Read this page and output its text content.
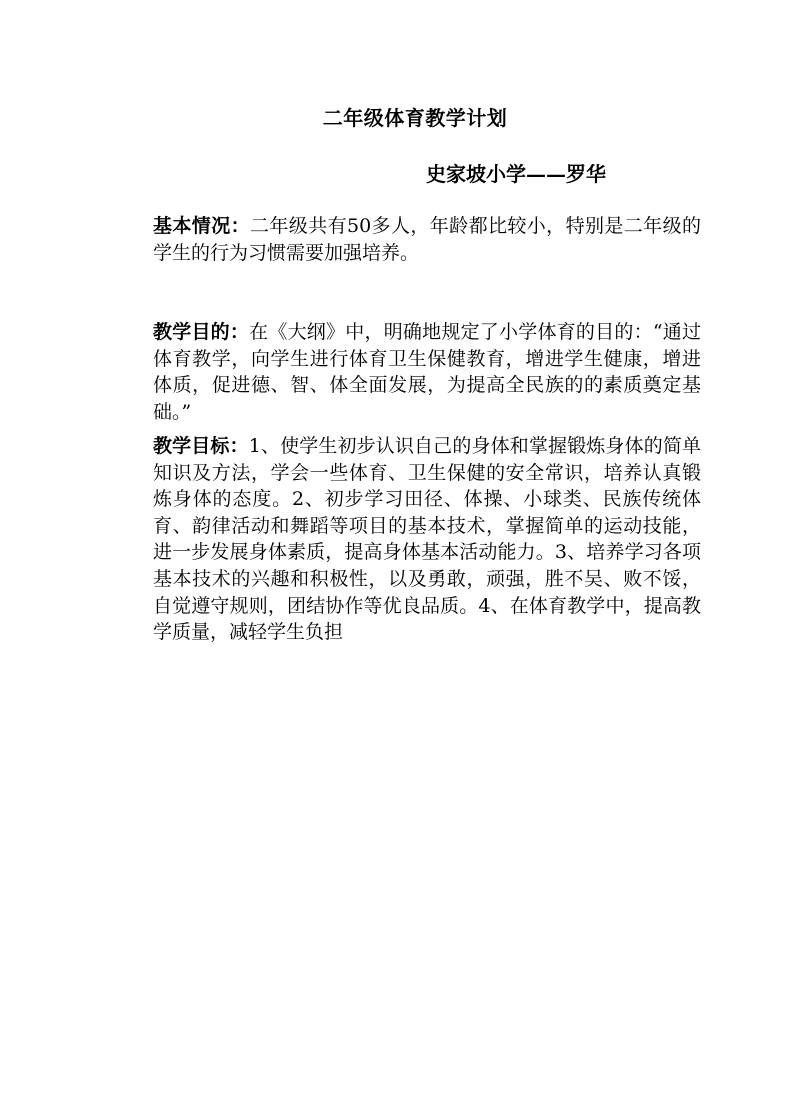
二年级体育教学计划
史家坡小学——罗华
基本情况：二年级共有50多人，年龄都比较小，特别是二年级的学生的行为习惯需要加强培养。
教学目的：在《大纲》中，明确地规定了小学体育的目的：“通过体育教学，向学生进行体育卫生保健教育，增进学生健康，增进体质，促进德、智、体全面发展，为提高全民族的的素质奠定基础。”
教学目标：1、使学生初步认识自己的身体和掌握锻炼身体的简单知识及方法，学会一些体育、卫生保健的安全常识，培养认真锻炼身体的态度。2、初步学习田径、体操、小球类、民族传统体育、韵律活动和舞蹈等项目的基本技术，掌握简单的运动技能，进一步发展身体素质，提高身体基本活动能力。3、培养学习各项基本技术的兴趣和积极性，以及勇敢，顽强，胜不吴、败不馁，自觉遵守规则，团结协作等优良品质。4、在体育教学中，提高教学质量，减轻学生负担
